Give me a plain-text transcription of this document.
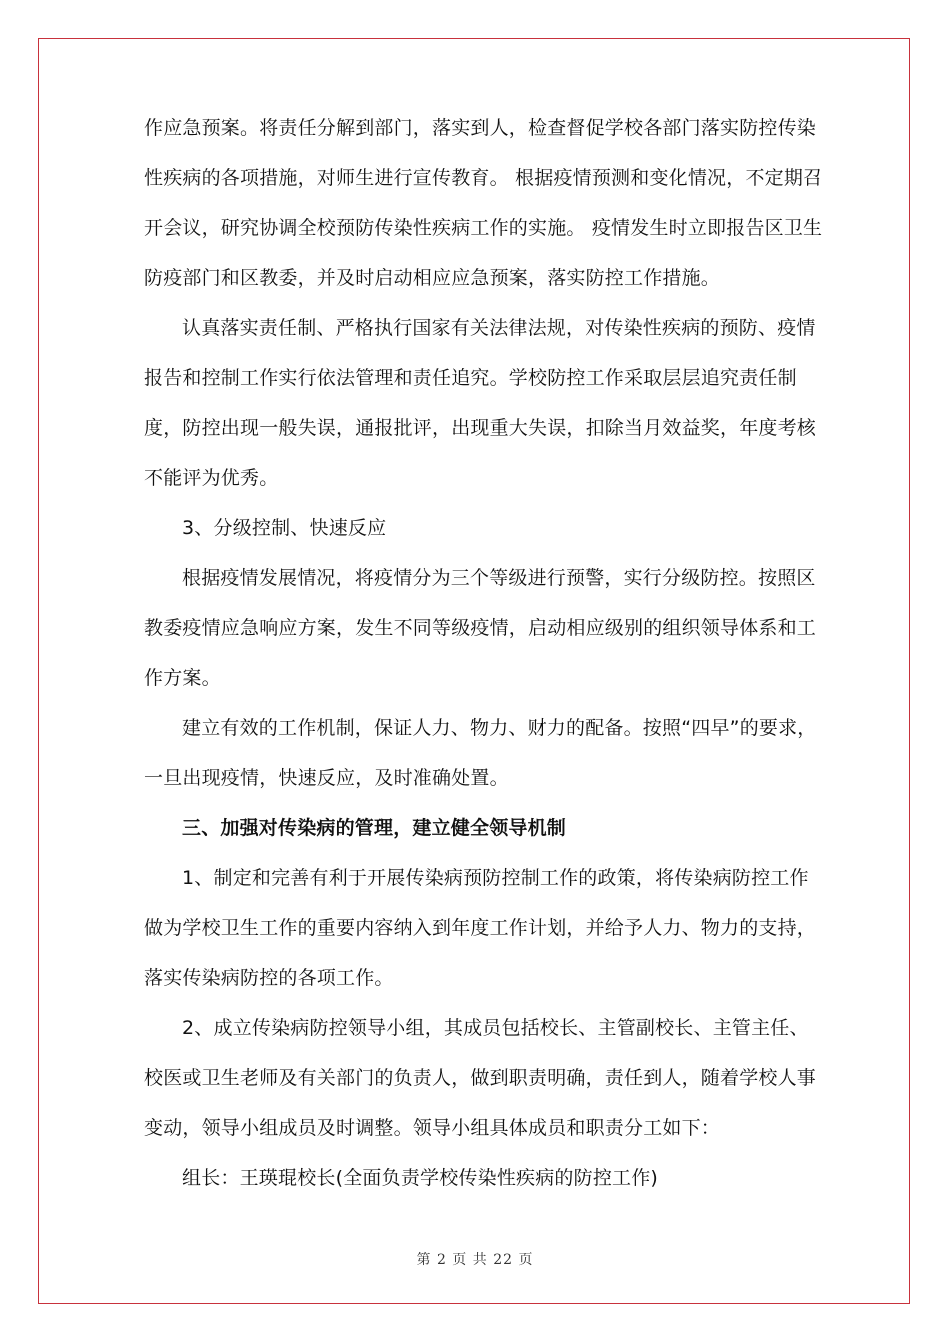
作应急预案。将责任分解到部门，落实到人，检查督促学校各部门落实防控传染
性疾病的各项措施，对师生进行宣传教育。 根据疫情预测和变化情况，不定期召
开会议，研究协调全校预防传染性疾病工作的实施。 疫情发生时立即报告区卫生
防疫部门和区教委，并及时启动相应应急预案，落实防控工作措施。
认真落实责任制、严格执行国家有关法律法规，对传染性疾病的预防、疫情
报告和控制工作实行依法管理和责任追究。学校防控工作采取层层追究责任制
度，防控出现一般失误，通报批评，出现重大失误，扣除当月效益奖，年度考核
不能评为优秀。
3、分级控制、快速反应
根据疫情发展情况，将疫情分为三个等级进行预警，实行分级防控。按照区
教委疫情应急响应方案，发生不同等级疫情，启动相应级别的组织领导体系和工
作方案。
建立有效的工作机制，保证人力、物力、财力的配备。按照“四早”的要求，
一旦出现疫情，快速反应，及时准确处置。
三、加强对传染病的管理，建立健全领导机制
1、制定和完善有利于开展传染病预防控制工作的政策，将传染病防控工作
做为学校卫生工作的重要内容纳入到年度工作计划，并给予人力、物力的支持，
落实传染病防控的各项工作。
2、成立传染病防控领导小组，其成员包括校长、主管副校长、主管主任、
校医或卫生老师及有关部门的负责人，做到职责明确，责任到人，随着学校人事
变动，领导小组成员及时调整。领导小组具体成员和职责分工如下：
组长：王瑛琨校长(全面负责学校传染性疾病的防控工作)
第 2 页 共 22 页
